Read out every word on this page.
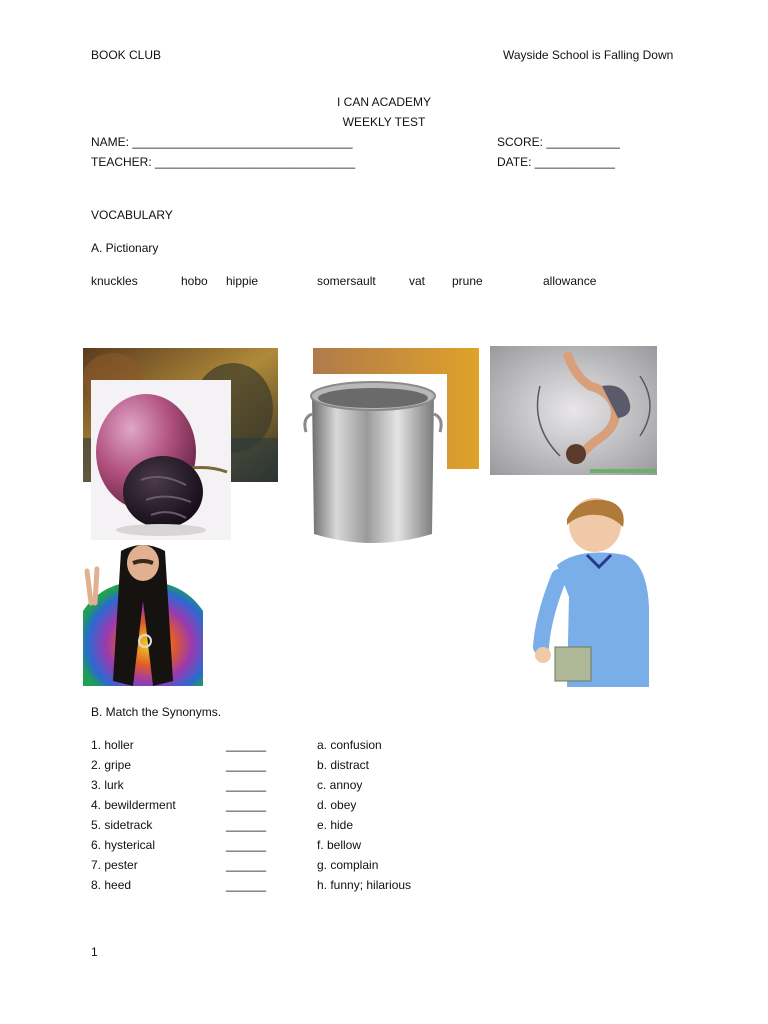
BOOK CLUB	Wayside School is Falling Down
I CAN ACADEMY
WEEKLY TEST
NAME: _________________________________	SCORE: ___________
TEACHER: ______________________________	DATE: ____________
VOCABULARY
A. Pictionary
knuckles	hobo hippie	somersault	vat prune	allowance
B. Match the Synonyms.
1. holler	______	a. confusion
2. gripe	______	b. distract
3. lurk	______	c. annoy
4. bewilderment	______	d. obey
5. sidetrack	______	e. hide
6. hysterical	______	f. bellow
7. pester	______	g. complain
8. heed	______	h. funny; hilarious
1
